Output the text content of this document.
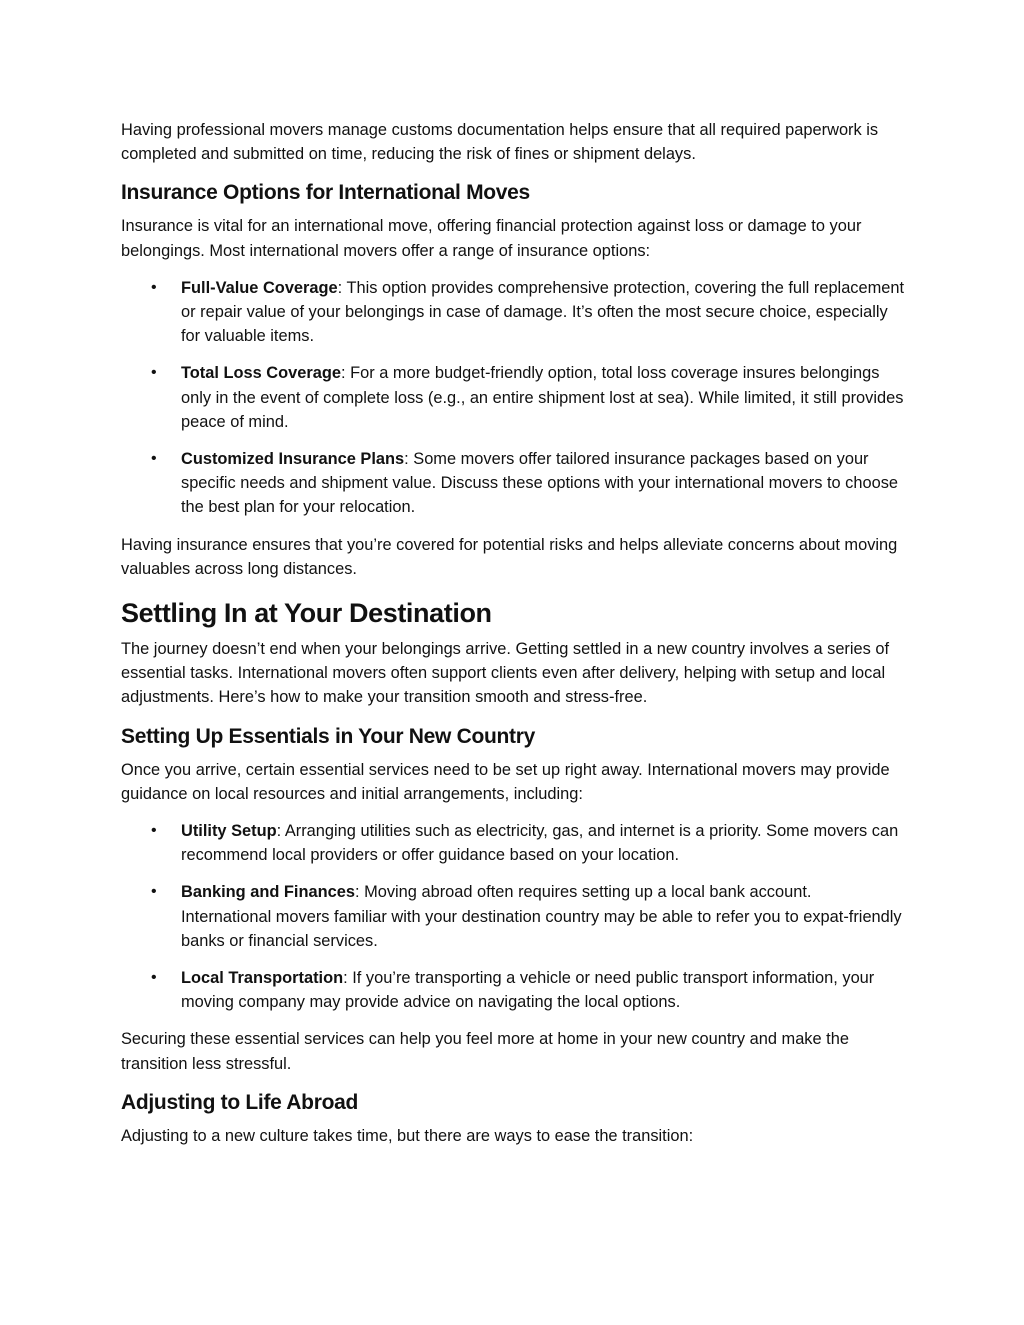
Having professional movers manage customs documentation helps ensure that all required paperwork is completed and submitted on time, reducing the risk of fines or shipment delays.

Insurance Options for International Moves

Insurance is vital for an international move, offering financial protection against loss or damage to your belongings. Most international movers offer a range of insurance options:

• Full-Value Coverage: This option provides comprehensive protection, covering the full replacement or repair value of your belongings in case of damage. It’s often the most secure choice, especially for valuable items.
• Total Loss Coverage: For a more budget-friendly option, total loss coverage insures belongings only in the event of complete loss (e.g., an entire shipment lost at sea). While limited, it still provides peace of mind.
• Customized Insurance Plans: Some movers offer tailored insurance packages based on your specific needs and shipment value. Discuss these options with your international movers to choose the best plan for your relocation.

Having insurance ensures that you’re covered for potential risks and helps alleviate concerns about moving valuables across long distances.

Settling In at Your Destination

The journey doesn’t end when your belongings arrive. Getting settled in a new country involves a series of essential tasks. International movers often support clients even after delivery, helping with setup and local adjustments. Here’s how to make your transition smooth and stress-free.

Setting Up Essentials in Your New Country

Once you arrive, certain essential services need to be set up right away. International movers may provide guidance on local resources and initial arrangements, including:

• Utility Setup: Arranging utilities such as electricity, gas, and internet is a priority. Some movers can recommend local providers or offer guidance based on your location.
• Banking and Finances: Moving abroad often requires setting up a local bank account. International movers familiar with your destination country may be able to refer you to expat-friendly banks or financial services.
• Local Transportation: If you’re transporting a vehicle or need public transport information, your moving company may provide advice on navigating the local options.

Securing these essential services can help you feel more at home in your new country and make the transition less stressful.

Adjusting to Life Abroad

Adjusting to a new culture takes time, but there are ways to ease the transition:
